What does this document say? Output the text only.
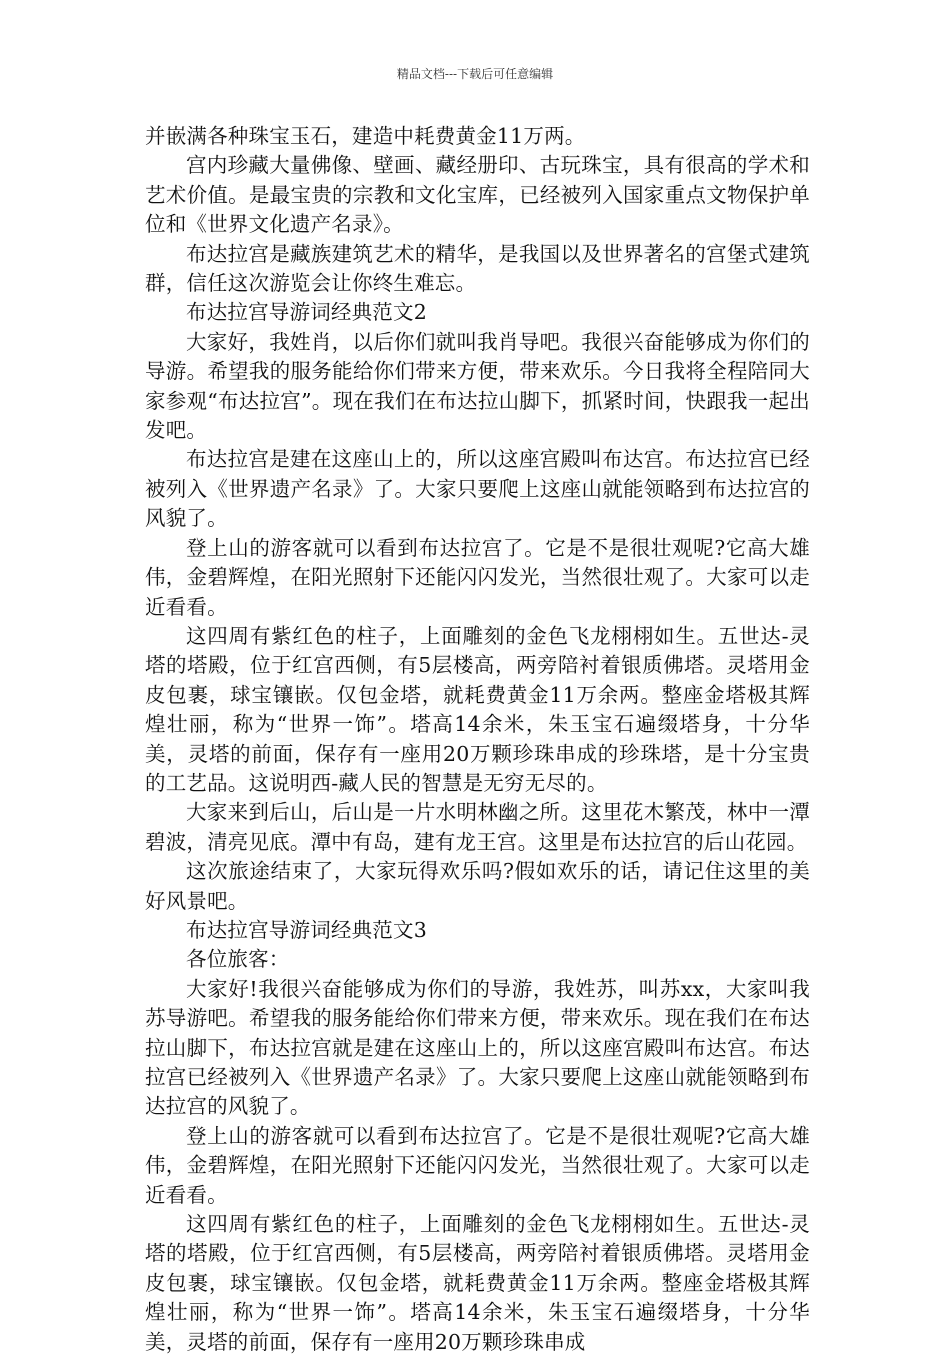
精品文档---下载后可任意编辑

并嵌满各种珠宝玉石，建造中耗费黄金11万两。

宫内珍藏大量佛像、壁画、藏经册印、古玩珠宝，具有很高的学术和艺术价值。是最宝贵的宗教和文化宝库，已经被列入国家重点文物保护单位和《世界文化遗产名录》。

布达拉宫是藏族建筑艺术的精华，是我国以及世界著名的宫堡式建筑群，信任这次游览会让你终生难忘。

布达拉宫导游词经典范文2

大家好，我姓肖，以后你们就叫我肖导吧。我很兴奋能够成为你们的导游。希望我的服务能给你们带来方便，带来欢乐。今日我将全程陪同大家参观“布达拉宫”。现在我们在布达拉山脚下，抓紧时间，快跟我一起出发吧。

布达拉宫是建在这座山上的，所以这座宫殿叫布达宫。布达拉宫已经被列入《世界遗产名录》了。大家只要爬上这座山就能领略到布达拉宫的风貌了。

登上山的游客就可以看到布达拉宫了。它是不是很壮观呢?它高大雄伟，金碧辉煌，在阳光照射下还能闪闪发光，当然很壮观了。大家可以走近看看。

这四周有紫红色的柱子，上面雕刻的金色飞龙栩栩如生。五世达-灵塔的塔殿，位于红宫西侧，有5层楼高，两旁陪衬着银质佛塔。灵塔用金皮包裹，球宝镶嵌。仅包金塔，就耗费黄金11万余两。整座金塔极其辉煌壮丽，称为“世界一饰”。塔高14余米，朱玉宝石遍缀塔身，十分华美，灵塔的前面，保存有一座用20万颗珍珠串成的珍珠塔，是十分宝贵的工艺品。这说明西-藏人民的智慧是无穷无尽的。

大家来到后山，后山是一片水明林幽之所。这里花木繁茂，林中一潭碧波，清亮见底。潭中有岛，建有龙王宫。这里是布达拉宫的后山花园。

这次旅途结束了，大家玩得欢乐吗?假如欢乐的话，请记住这里的美好风景吧。

布达拉宫导游词经典范文3

各位旅客：

大家好!我很兴奋能够成为你们的导游，我姓苏，叫苏xx，大家叫我苏导游吧。希望我的服务能给你们带来方便，带来欢乐。现在我们在布达拉山脚下，布达拉宫就是建在这座山上的，所以这座宫殿叫布达宫。布达拉宫已经被列入《世界遗产名录》了。大家只要爬上这座山就能领略到布达拉宫的风貌了。

登上山的游客就可以看到布达拉宫了。它是不是很壮观呢?它高大雄伟，金碧辉煌，在阳光照射下还能闪闪发光，当然很壮观了。大家可以走近看看。

这四周有紫红色的柱子，上面雕刻的金色飞龙栩栩如生。五世达-灵塔的塔殿，位于红宫西侧，有5层楼高，两旁陪衬着银质佛塔。灵塔用金皮包裹，球宝镶嵌。仅包金塔，就耗费黄金11万余两。整座金塔极其辉煌壮丽，称为“世界一饰”。塔高14余米，朱玉宝石遍缀塔身，十分华美，灵塔的前面，保存有一座用20万颗珍珠串成
